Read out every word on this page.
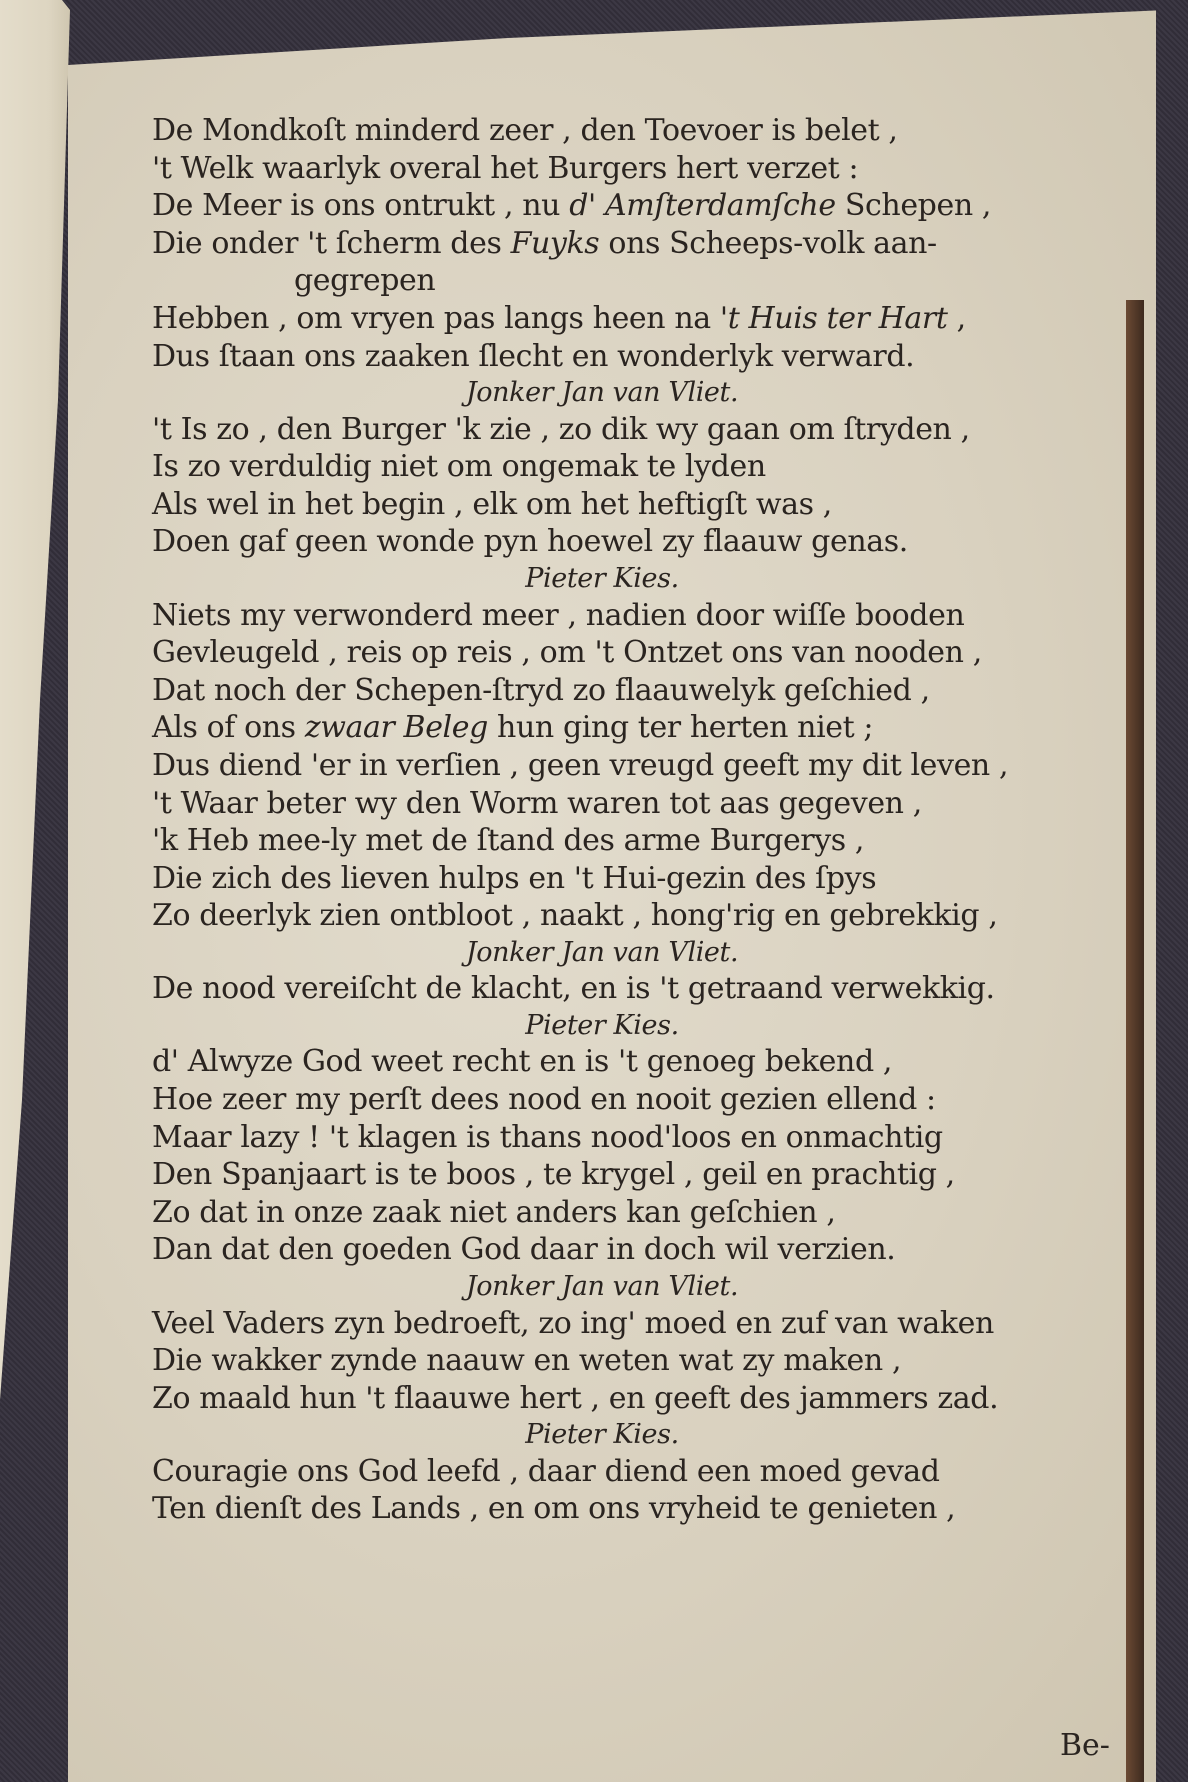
De Mondkoſt minderd zeer , den Toevoer is belet ,
't Welk waarlyk overal het Burgers hert verzet :
De Meer is ons ontrukt , nu d' Amſterdamſche Schepen ,
Die onder 't ſcherm des Fuyks ons Scheeps-volk aan-
gegrepen
Hebben , om vryen pas langs heen na 't Huis ter Hart ,
Dus ſtaan ons zaaken ſlecht en wonderlyk verward.
Jonker Jan van Vliet.
't Is zo , den Burger 'k zie , zo dik wy gaan om ſtryden ,
Is zo verduldig niet om ongemak te lyden
Als wel in het begin , elk om het heftigſt was ,
Doen gaf geen wonde pyn hoewel zy flaauw genas.
Pieter Kies.
Niets my verwonderd meer , nadien door wiſſe booden
Gevleugeld , reis op reis , om 't Ontzet ons van nooden ,
Dat noch der Schepen-ſtryd zo flaauwelyk geſchied ,
Als of ons zwaar Beleg hun ging ter herten niet ;
Dus diend 'er in verſien , geen vreugd geeft my dit leven ,
't Waar beter wy den Worm waren tot aas gegeven ,
'k Heb mee-ly met de ſtand des arme Burgerys ,
Die zich des lieven hulps en 't Hui-gezin des ſpys
Zo deerlyk zien ontbloot , naakt , hong'rig en gebrekkig ,
Jonker Jan van Vliet.
De nood vereiſcht de klacht, en is 't getraand verwekkig.
Pieter Kies.
d' Alwyze God weet recht en is 't genoeg bekend ,
Hoe zeer my perſt dees nood en nooit gezien ellend :
Maar lazy ! 't klagen is thans nood'loos en onmachtig
Den Spanjaart is te boos , te krygel , geil en prachtig ,
Zo dat in onze zaak niet anders kan geſchien ,
Dan dat den goeden God daar in doch wil verzien.
Jonker Jan van Vliet.
Veel Vaders zyn bedroeft, zo ing' moed en zuf van waken
Die wakker zynde naauw en weten wat zy maken ,
Zo maald hun 't flaauwe hert , en geeft des jammers zad.
Pieter Kies.
Couragie ons God leefd , daar diend een moed gevad
Ten dienſt des Lands , en om ons vryheid te genieten ,
Be-
